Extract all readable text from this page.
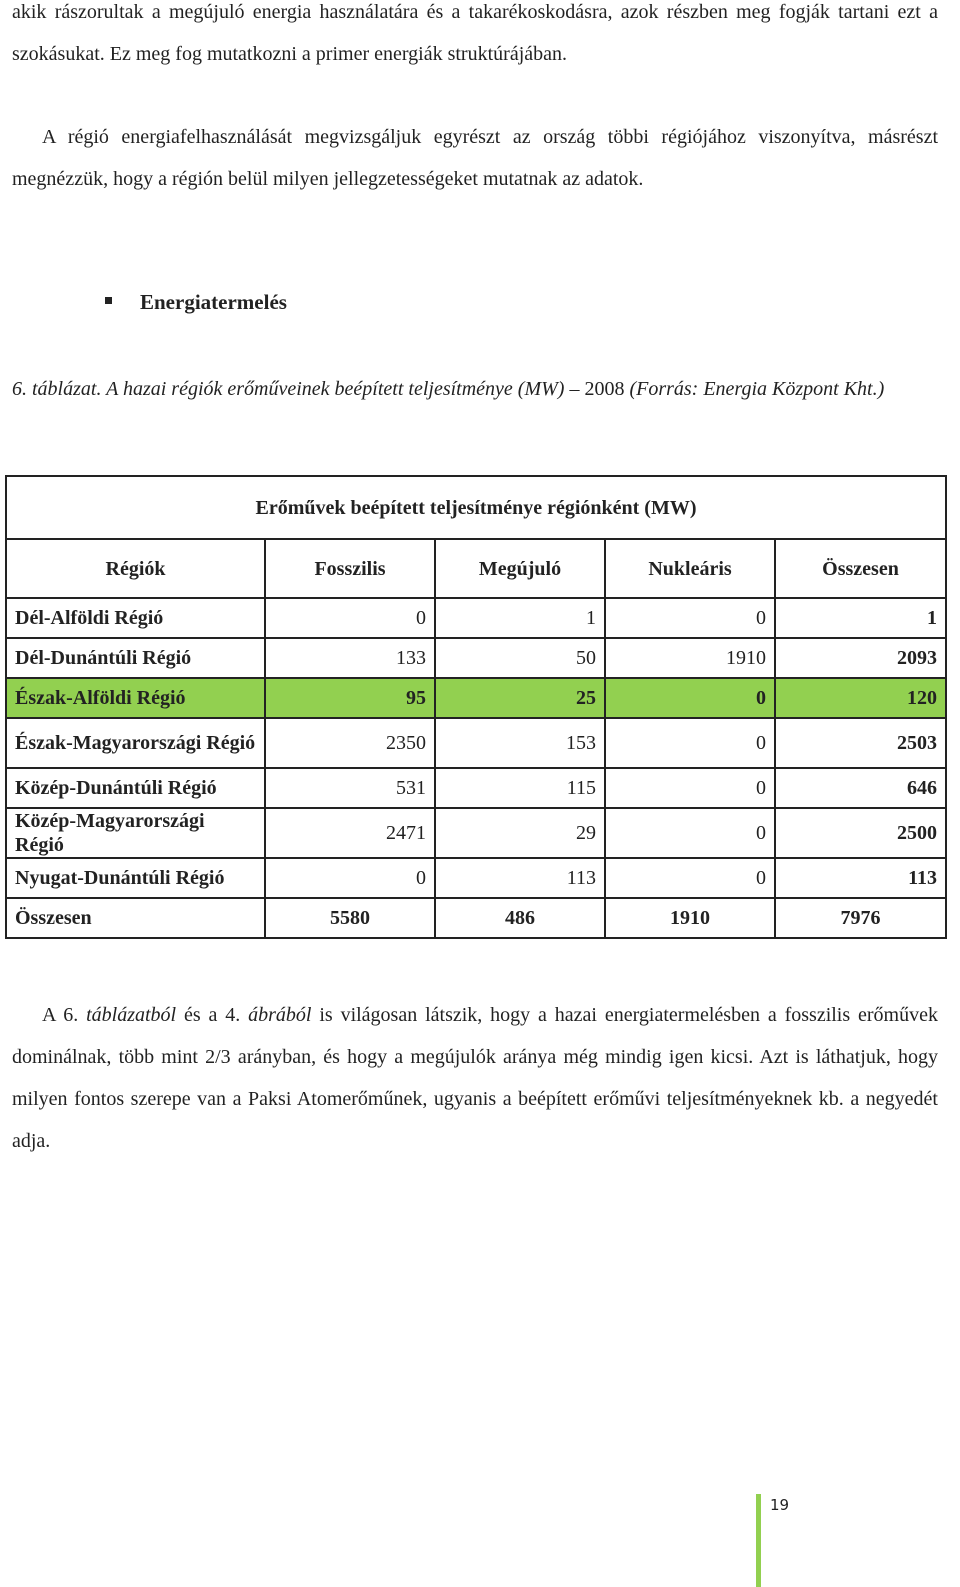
akik rászorultak a megújuló energia használatára és a takarékoskodásra, azok részben meg fogják tartani ezt a szokásukat. Ez meg fog mutatkozni a primer energiák struktúrájában.

A régió energiafelhasználását megvizsgáljuk egyrészt az ország többi régiójához viszonyítva, másrészt megnézzük, hogy a régión belül milyen jellegzetességeket mutatnak az adatok.

Energiatermelés

6. táblázat. A hazai régiók erőműveinek beépített teljesítménye (MW) – 2008 (Forrás: Energia Központ Kht.)

Erőművek beépített teljesítménye régiónként (MW)				
Régiók	Fosszilis	Megújuló	Nukleáris	Összesen
Dél-Alföldi Régió	0	1	0	1
Dél-Dunántúli Régió	133	50	1910	2093
Észak-Alföldi Régió	95	25	0	120
Észak-Magyarországi Régió	2350	153	0	2503
Közép-Dunántúli Régió	531	115	0	646
Közép-Magyarországi Régió	2471	29	0	2500
Nyugat-Dunántúli Régió	0	113	0	113
Összesen	5580	486	1910	7976

A 6. táblázatból és a 4. ábrából is világosan látszik, hogy a hazai energiatermelésben a fosszilis erőművek dominálnak, több mint 2/3 arányban, és hogy a megújulók aránya még mindig igen kicsi. Azt is láthatjuk, hogy milyen fontos szerepe van a Paksi Atomerőműnek, ugyanis a beépített erőművi teljesítményeknek kb. a negyedét adja.

19
